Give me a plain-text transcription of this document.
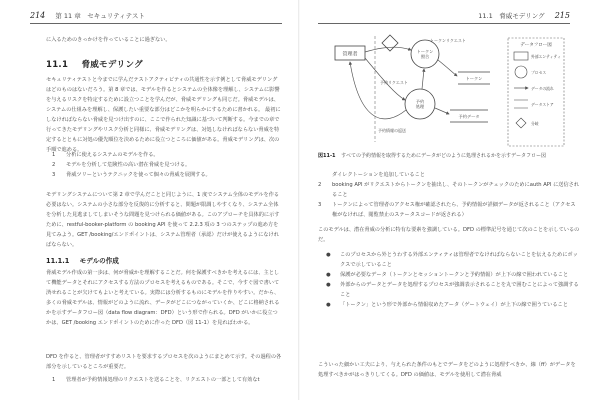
214 第 11 章　セキュリティテスト
に入るためのきっかけを作っていることに過ぎない。
11.1 脅威モデリング

セキュリティテストと今までに学んだテストアクティビティの共通性を示す例として脅威モデリングはどのものはないだろう。第 8 章では、モデルを作るとシステムの全体像を理解し、システムに影響を与えるリスクを特定するために設立つことを学んだが、脅威モデリングも同じだ。脅威モデルは、システムの仕組みを理解し、保護したい重要な部分はどこかを明らかにするために書かれる。 最初にしなければならない脅威を見つけ出すのに、ここで作られた知識に基づいて判断する。今までの章で行ってきたモデリングやリスク分析と同様に、脅威モデリングは、対処しなければならない脅威を特定するとともに対処の優先順位を決めるために役立つところに価値がある。脅威モデリングは、次の手順で進める。

1 分析に使えるシステムのモデルを作る。
2 モデルを分析して危険性の高い潜在脅威を見つける。
3 脅威ツリーというテクニックを使って個々の脅威を展開する。

モデリングシステムについて第 2 章で学んだことと同じように、1 度でシステム全体のモデルを作る必要はない。システムの小さな部分を反復的に分析すると、問題が限調しやすくなり、システム全体を分析した見逃ましてしまいそうな問題を見つけられる価値がある。このアプローチを具体的に示すために、restful-booker-platform の booking API を使って 2.2.3 項の 3 つのステップの進め方を見てみよう。GET /booking/エンドポイントは、システム管理者（承認）だけが使えるようになければならない。

11.1.1 モデルの作成

脅威モデル作成の第一歩は、何が脅威かを理解することだ。何を保護すべきかを考えるには、主として機能データとそれにアクセスする方法のプロセスを考えるものである。そこで、今すぐ図で書いて済せれることが欠けてもよいと考えている。実際には分析するものにモデルを作りやすい。だから、多くの脅威モデルは、情報がどのように流れ、データがどこにつながっていくか、どこに格納されるかを示すデータフロー図（data flow diagram：DFD）という形で作られる。DFD がいかに役立つかは、GET /booking エンドポイントのために作った DFD（図 11-1）を見ればわかる。

DFD を作ると、管理者がすすめリストを要求するプロセスを次のようにまとめて示す。その過程の各部分を示しているところが重要だ。

1 管理者が予約情報処理のリクエストを送ることを、リクエストの一部として有効なt
11.1　脅威モデリング 215
管理者	トークン
照合
予約
処理
トークン
予約データ
予約情報の返送
トークンリクエスト
予約リクエスト
データフロー図
外部エンティティ
プロセス
データの流れ
データストア
分岐
図11-1 すべての予約情報を取得するためにデータがどのように処理されるかを示すデータフロー図
ダイレクトーションを追加していること
2 booking API がリクエストからトークンを抽出し、そのトークンがチェックのためにauth API に送信されること
3 トークンによって管理者のアクセス権が確認されたら、予約情報が詳細データが返されること（アクセス権がなければ、閲覧禁止のステータスコードが返される）

このモデルは、潜在脅威の分析に特有な要素を強調している。DFD の標準記号を通じて次のことを示しているのだ。

● このプロセスから外とうわする外部エンティティは管理者でなければならないことを伝えるためにボックスで示していること
● 保護が必要なデータ（トークンとセッショントークンと予約情報）が上下の線で囲われていること
● 外部からのデータとデータを処理するプロセスが強調表示されることを丸で囲むことによって強調すること
● 「トークン」という形で外部から情報収めたアータ（ゲートウェイ）が上下の線で囲うていること

こういった細かい工夫により、与えられた条件のもとでデータをどのように処理すべきか、線（ff）がデータを処理すべきかがはっきりしてくる。DFD の価値は、モデルを使用して潜在脅威
